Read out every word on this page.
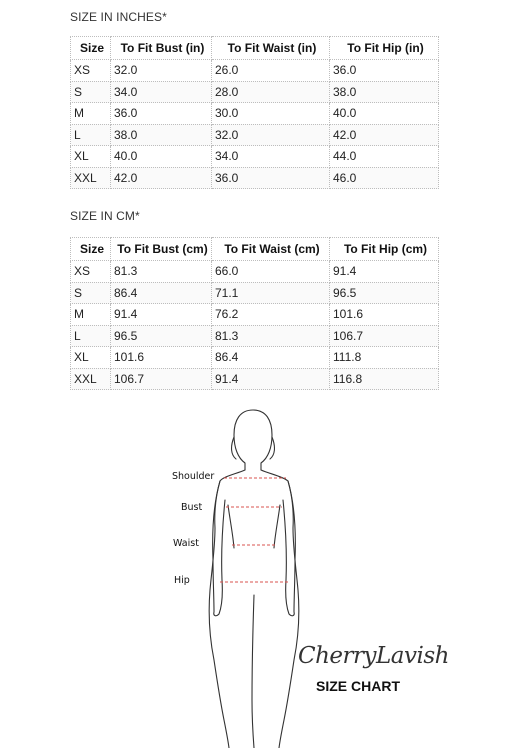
SIZE IN INCHES*
Size	To Fit Bust (in)	To Fit Waist (in)	To Fit Hip (in)
XS	32.0	26.0	36.0
S	34.0	28.0	38.0
M	36.0	30.0	40.0
L	38.0	32.0	42.0
XL	40.0	34.0	44.0
XXL	42.0	36.0	46.0
SIZE IN CM*
Size	To Fit Bust (cm)	To Fit Waist (cm)	To Fit Hip (cm)
XS	81.3	66.0	91.4
S	86.4	71.1	96.5
M	91.4	76.2	101.6
L	96.5	81.3	106.7
XL	101.6	86.4	111.8
XXL	106.7	91.4	116.8
Shoulder
Bust
Waist
Hip
CherryLavish
SIZE CHART
